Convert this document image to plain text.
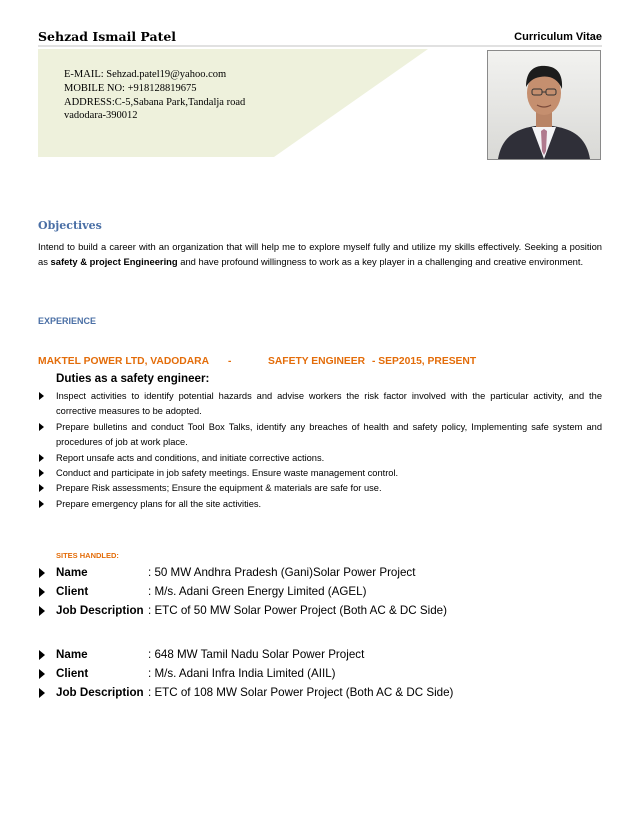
Sehzad Ismail Patel	Curriculum Vitae
E-MAIL: Sehzad.patel19@yahoo.com
MOBILE NO: +918128819675
ADDRESS:C-5,Sabana Park,Tandalja road
vadodara-390012
Objectives
Intend to build a career with an organization that will help me to explore myself fully and utilize my skills effectively. Seeking a position as safety & project Engineering and have profound willingness to work as a key player in a challenging and creative environment.
EXPERIENCE
MAKTEL POWER LTD, VADODARA -	SAFETY ENGINEER - SEP2015, PRESENT
Duties as a safety engineer:
Inspect activities to identify potential hazards and advise workers the risk factor involved with the particular activity, and the corrective measures to be adopted.
Prepare bulletins and conduct Tool Box Talks, identify any breaches of health and safety policy, Implementing safe system and procedures of job at work place.
Report unsafe acts and conditions, and initiate corrective actions.
Conduct and participate in job safety meetings. Ensure waste management control.
Prepare Risk assessments; Ensure the equipment & materials are safe for use.
Prepare emergency plans for all the site activities.
SITES HANDLED:
Name	: 50 MW Andhra Pradesh (Gani)Solar Power Project
Client	: M/s. Adani Green Energy Limited (AGEL)
Job Description : ETC of 50 MW Solar Power Project (Both AC & DC Side)
Name	: 648 MW Tamil Nadu Solar Power Project
Client	: M/s. Adani Infra India Limited (AIIL)
Job Description : ETC of 108 MW Solar Power Project (Both AC & DC Side)
